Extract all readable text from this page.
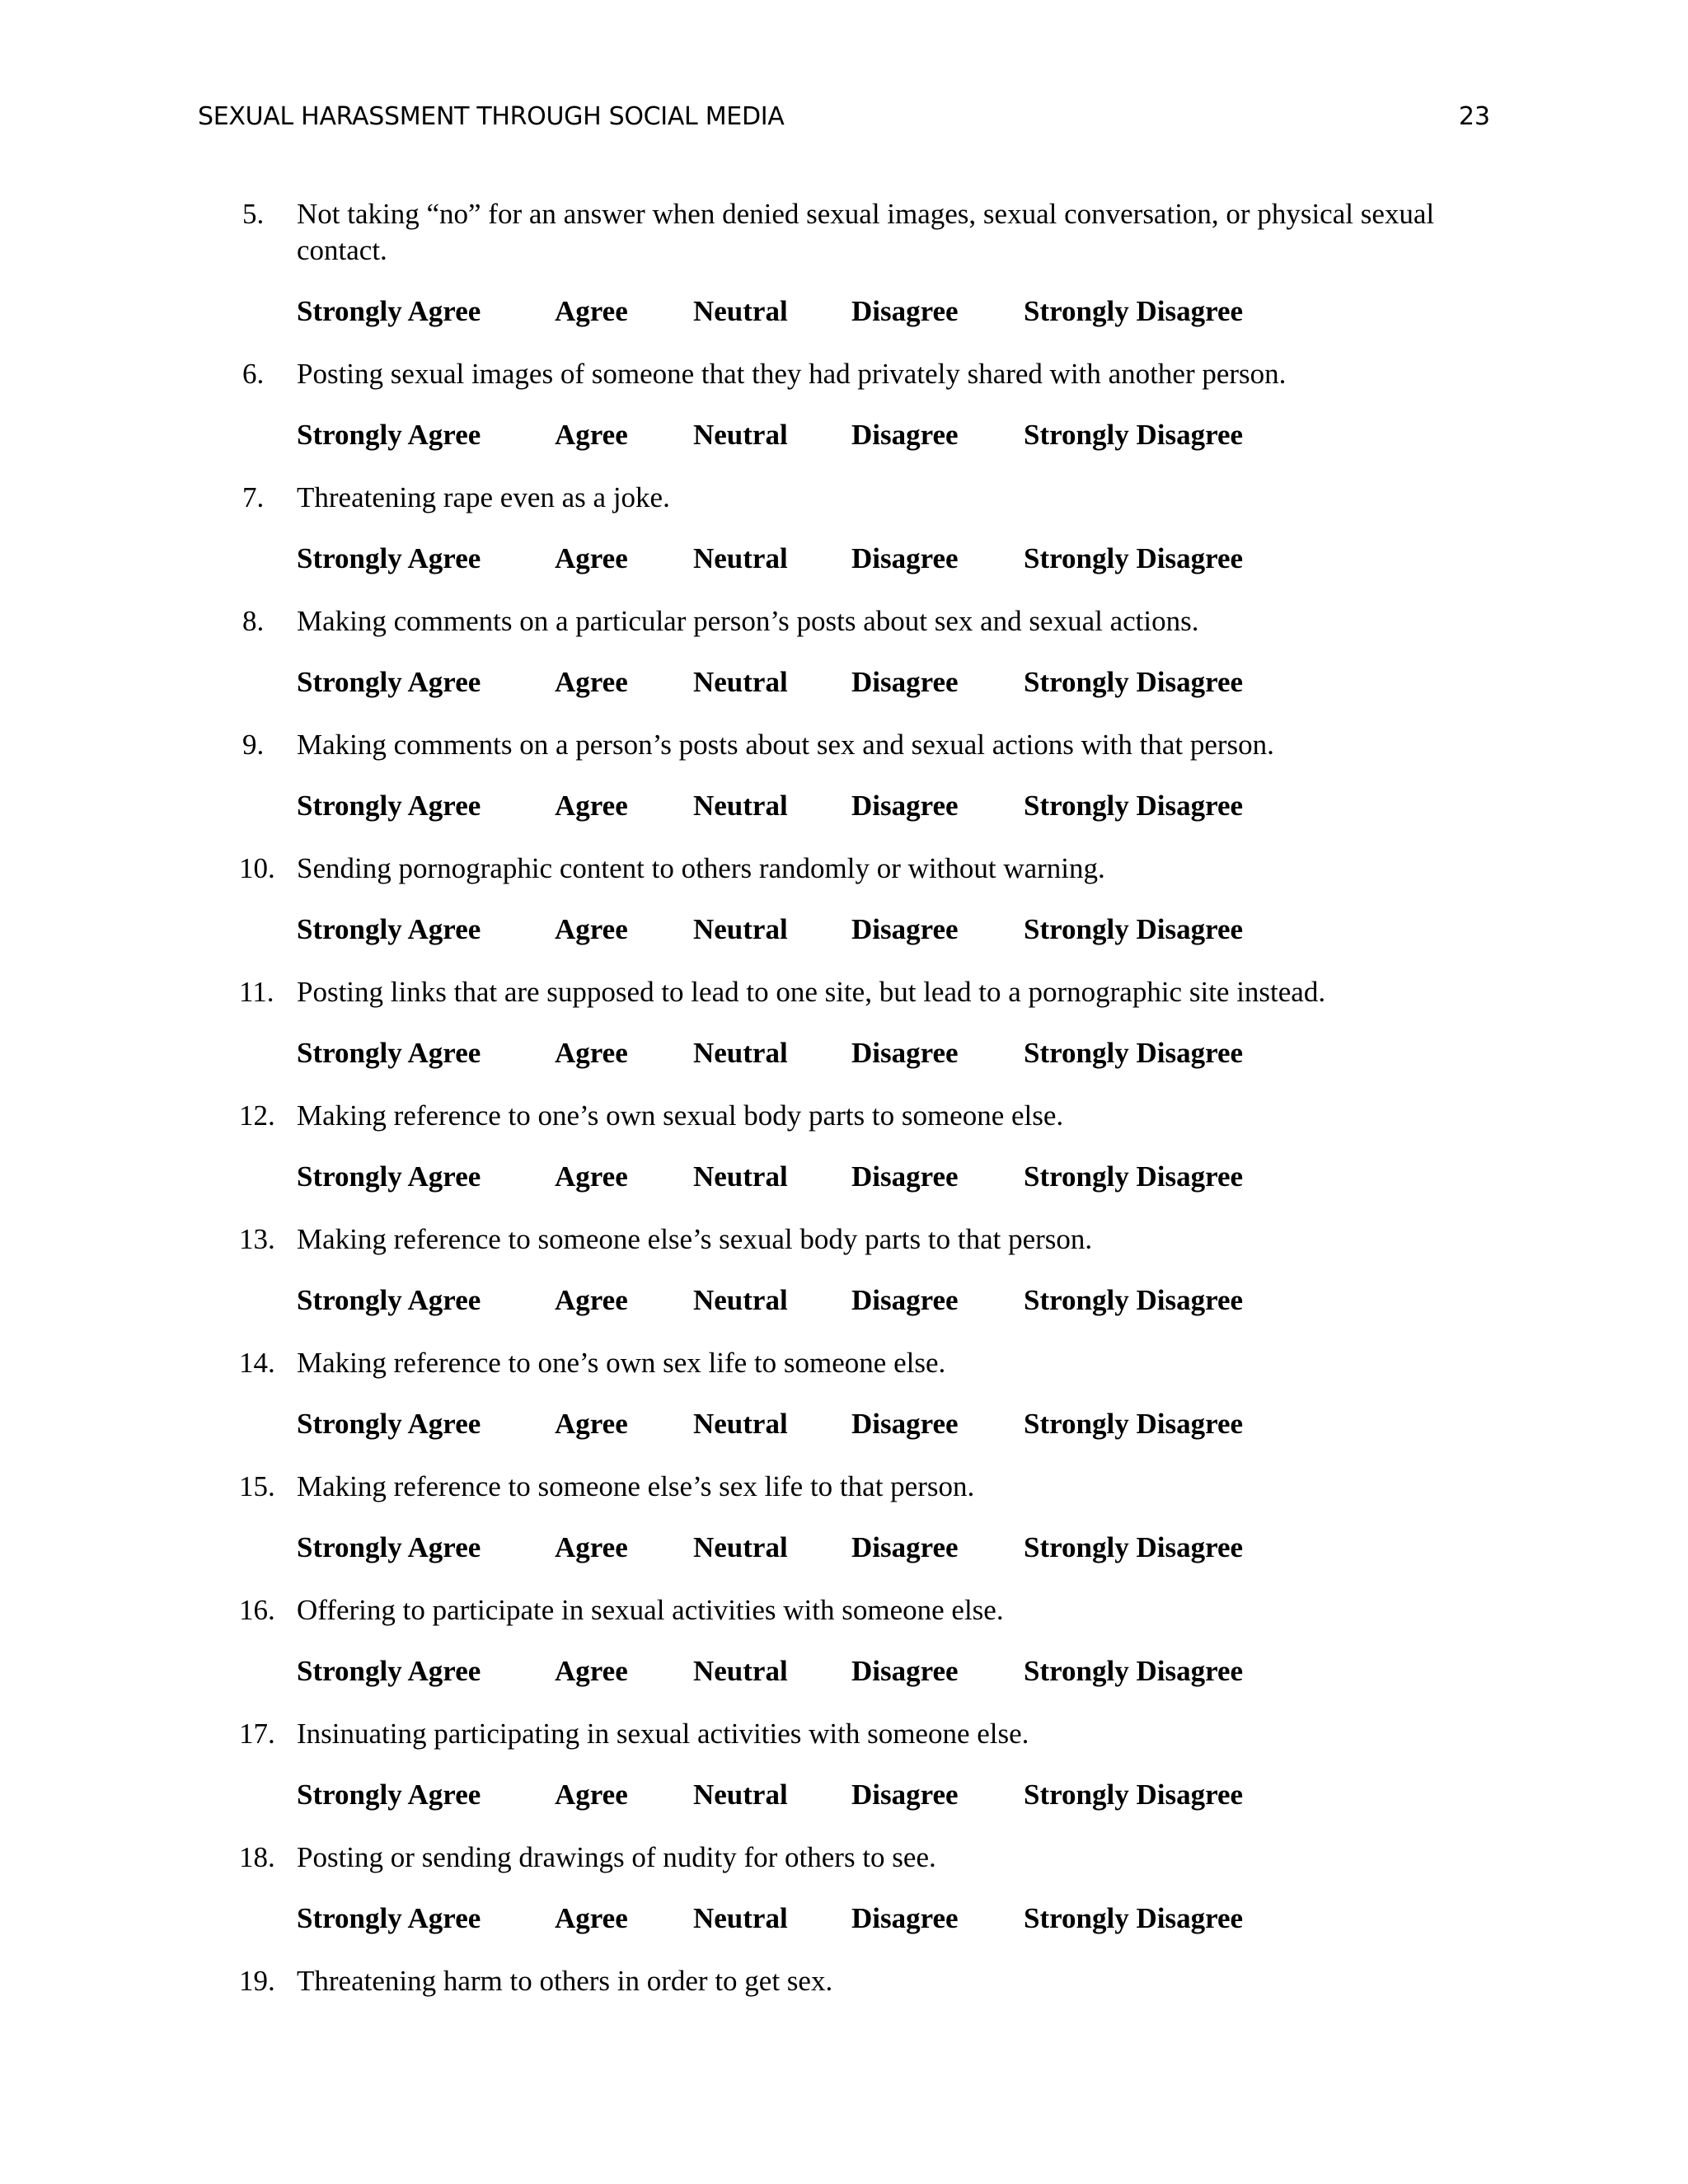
SEXUAL HARASSMENT THROUGH SOCIAL MEDIA	23
5.	Not taking “no” for an answer when denied sexual images, sexual conversation, or physical sexual contact.

Strongly Agree	Agree	Neutral	Disagree	Strongly Disagree
6.	Posting sexual images of someone that they had privately shared with another person.

Strongly Agree	Agree	Neutral	Disagree	Strongly Disagree
7.	Threatening rape even as a joke.

Strongly Agree	Agree	Neutral	Disagree	Strongly Disagree
8.	Making comments on a particular person’s posts about sex and sexual actions.

Strongly Agree	Agree	Neutral	Disagree	Strongly Disagree
9.	Making comments on a person’s posts about sex and sexual actions with that person.

Strongly Agree	Agree	Neutral	Disagree	Strongly Disagree
10. Sending pornographic content to others randomly or without warning.

Strongly Agree	Agree	Neutral	Disagree	Strongly Disagree
11. Posting links that are supposed to lead to one site, but lead to a pornographic site instead.

Strongly Agree	Agree	Neutral	Disagree	Strongly Disagree
12. Making reference to one’s own sexual body parts to someone else.

Strongly Agree	Agree	Neutral	Disagree	Strongly Disagree
13. Making reference to someone else’s sexual body parts to that person.

Strongly Agree	Agree	Neutral	Disagree	Strongly Disagree
14. Making reference to one’s own sex life to someone else.

Strongly Agree	Agree	Neutral	Disagree	Strongly Disagree
15. Making reference to someone else’s sex life to that person.

Strongly Agree	Agree	Neutral	Disagree	Strongly Disagree
16. Offering to participate in sexual activities with someone else.

Strongly Agree	Agree	Neutral	Disagree	Strongly Disagree
17. Insinuating participating in sexual activities with someone else.

Strongly Agree	Agree	Neutral	Disagree	Strongly Disagree
18. Posting or sending drawings of nudity for others to see.

Strongly Agree	Agree	Neutral	Disagree	Strongly Disagree
19. Threatening harm to others in order to get sex.
